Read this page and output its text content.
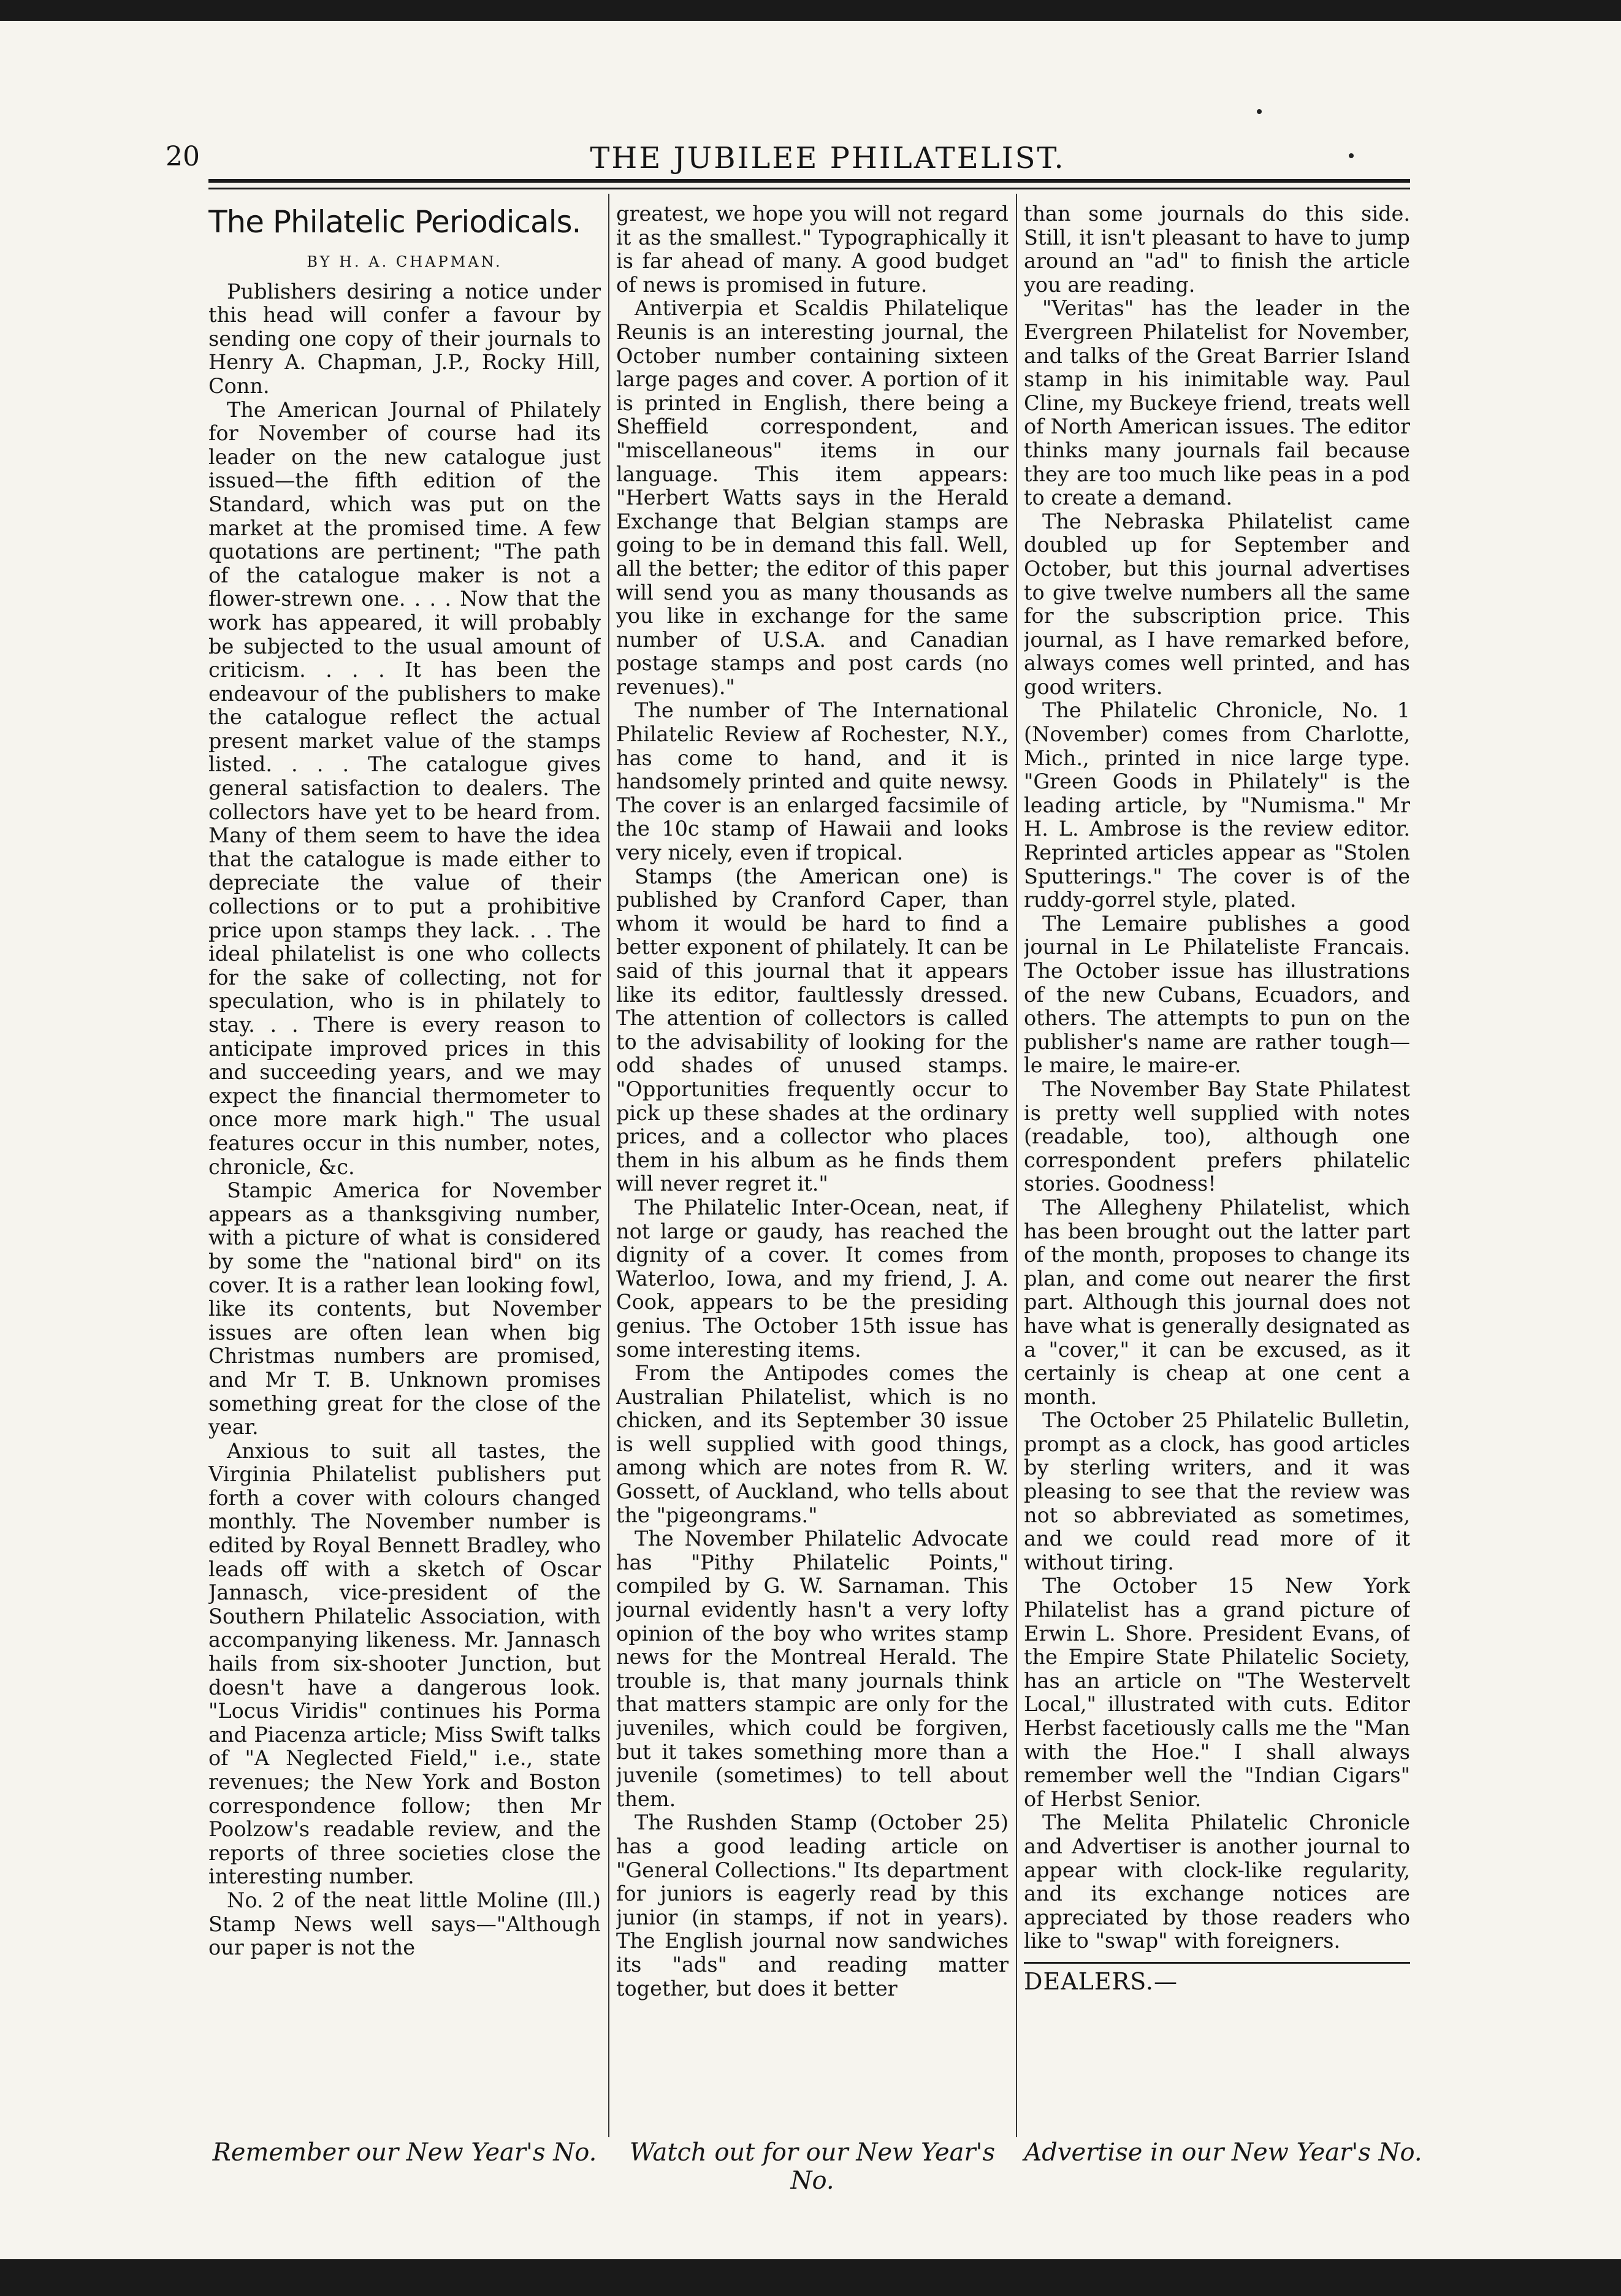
20	THE JUBILEE PHILATELIST.
The Philatelic Periodicals.
BY H. A. CHAPMAN.

Publishers desiring a notice under this head will confer a favour by sending one copy of their journals to Henry A. Chapman, J.P., Rocky Hill, Conn.

The American Journal of Philately for November of course had its leader on the new catalogue just issued—the fifth edition of the Standard, which was put on the market at the promised time. A few quotations are pertinent; "The path of the catalogue maker is not a flower-strewn one. . . . Now that the work has appeared, it will probably be subjected to the usual amount of criticism. . . . It has been the endeavour of the publishers to make the catalogue reflect the actual present market value of the stamps listed. . . . The catalogue gives general satisfaction to dealers. The collectors have yet to be heard from. Many of them seem to have the idea that the catalogue is made either to depreciate the value of their collections or to put a prohibitive price upon stamps they lack. . . The ideal philatelist is one who collects for the sake of collecting, not for speculation, who is in philately to stay. . . There is every reason to anticipate improved prices in this and succeeding years, and we may expect the financial thermometer to once more mark high." The usual features occur in this number, notes, chronicle, &c.

Stampic America for November appears as a thanksgiving number, with a picture of what is considered by some the "national bird" on its cover. It is a rather lean looking fowl, like its contents, but November issues are often lean when big Christmas numbers are promised, and Mr T. B. Unknown promises something great for the close of the year.

Anxious to suit all tastes, the Virginia Philatelist publishers put forth a cover with colours changed monthly. The November number is edited by Royal Bennett Bradley, who leads off with a sketch of Oscar Jannasch, vice-president of the Southern Philatelic Association, with accompanying likeness. Mr. Jannasch hails from six-shooter Junction, but doesn't have a dangerous look. "Locus Viridis" continues his Porma and Piacenza article; Miss Swift talks of "A Neglected Field," i.e., state revenues; the New York and Boston correspondence follow; then Mr Poolzow's readable review, and the reports of three societies close the interesting number.

No. 2 of the neat little Moline (Ill.) Stamp News well says—"Although our paper is not the

greatest, we hope you will not regard it as the smallest." Typographically it is far ahead of many. A good budget of news is promised in future.

Antiverpia et Scaldis Philatelique Reunis is an interesting journal, the October number containing sixteen large pages and cover. A portion of it is printed in English, there being a Sheffield correspondent, and "miscellaneous" items in our language. This item appears: "Herbert Watts says in the Herald Exchange that Belgian stamps are going to be in demand this fall. Well, all the better; the editor of this paper will send you as many thousands as you like in exchange for the same number of U.S.A. and Canadian postage stamps and post cards (no revenues)."

The number of The International Philatelic Review af Rochester, N.Y., has come to hand, and it is handsomely printed and quite newsy. The cover is an enlarged facsimile of the 10c stamp of Hawaii and looks very nicely, even if tropical.

Stamps (the American one) is published by Cranford Caper, than whom it would be hard to find a better exponent of philately. It can be said of this journal that it appears like its editor, faultlessly dressed. The attention of collectors is called to the advisability of looking for the odd shades of unused stamps. "Opportunities frequently occur to pick up these shades at the ordinary prices, and a collector who places them in his album as he finds them will never regret it."

The Philatelic Inter-Ocean, neat, if not large or gaudy, has reached the dignity of a cover. It comes from Waterloo, Iowa, and my friend, J. A. Cook, appears to be the presiding genius. The October 15th issue has some interesting items.

From the Antipodes comes the Australian Philatelist, which is no chicken, and its September 30 issue is well supplied with good things, among which are notes from R. W. Gossett, of Auckland, who tells about the "pigeongrams."

The November Philatelic Advocate has "Pithy Philatelic Points," compiled by G. W. Sarnaman. This journal evidently hasn't a very lofty opinion of the boy who writes stamp news for the Montreal Herald. The trouble is, that many journals think that matters stampic are only for the juveniles, which could be forgiven, but it takes something more than a juvenile (sometimes) to tell about them.

The Rushden Stamp (October 25) has a good leading article on "General Collections." Its department for juniors is eagerly read by this junior (in stamps, if not in years). The English journal now sandwiches its "ads" and reading matter together, but does it better

than some journals do this side. Still, it isn't pleasant to have to jump around an "ad" to finish the article you are reading.

"Veritas" has the leader in the Evergreen Philatelist for November, and talks of the Great Barrier Island stamp in his inimitable way. Paul Cline, my Buckeye friend, treats well of North American issues. The editor thinks many journals fail because they are too much like peas in a pod to create a demand.

The Nebraska Philatelist came doubled up for September and October, but this journal advertises to give twelve numbers all the same for the subscription price. This journal, as I have remarked before, always comes well printed, and has good writers.

The Philatelic Chronicle, No. 1 (November) comes from Charlotte, Mich., printed in nice large type. "Green Goods in Philately" is the leading article, by "Numisma." Mr H. L. Ambrose is the review editor. Reprinted articles appear as "Stolen Sputterings." The cover is of the ruddy-gorrel style, plated.

The Lemaire publishes a good journal in Le Philateliste Francais. The October issue has illustrations of the new Cubans, Ecuadors, and others. The attempts to pun on the publisher's name are rather tough—le maire, le maire-er.

The November Bay State Philatest is pretty well supplied with notes (readable, too), although one correspondent prefers philatelic stories. Goodness!

The Allegheny Philatelist, which has been brought out the latter part of the month, proposes to change its plan, and come out nearer the first part. Although this journal does not have what is generally designated as a "cover," it can be excused, as it certainly is cheap at one cent a month.

The October 25 Philatelic Bulletin, prompt as a clock, has good articles by sterling writers, and it was pleasing to see that the review was not so abbreviated as sometimes, and we could read more of it without tiring.

The October 15 New York Philatelist has a grand picture of Erwin L. Shore. President Evans, of the Empire State Philatelic Society, has an article on "The Westervelt Local," illustrated with cuts. Editor Herbst facetiously calls me the "Man with the Hoe." I shall always remember well the "Indian Cigars" of Herbst Senior.

The Melita Philatelic Chronicle and Advertiser is another journal to appear with clock-like regularity, and its exchange notices are appreciated by those readers who like to "swap" with foreigners.

DEALERS.—
Remember our New Year's No.	Watch out for our New Year's No.
Advertise in our New Year's No.
